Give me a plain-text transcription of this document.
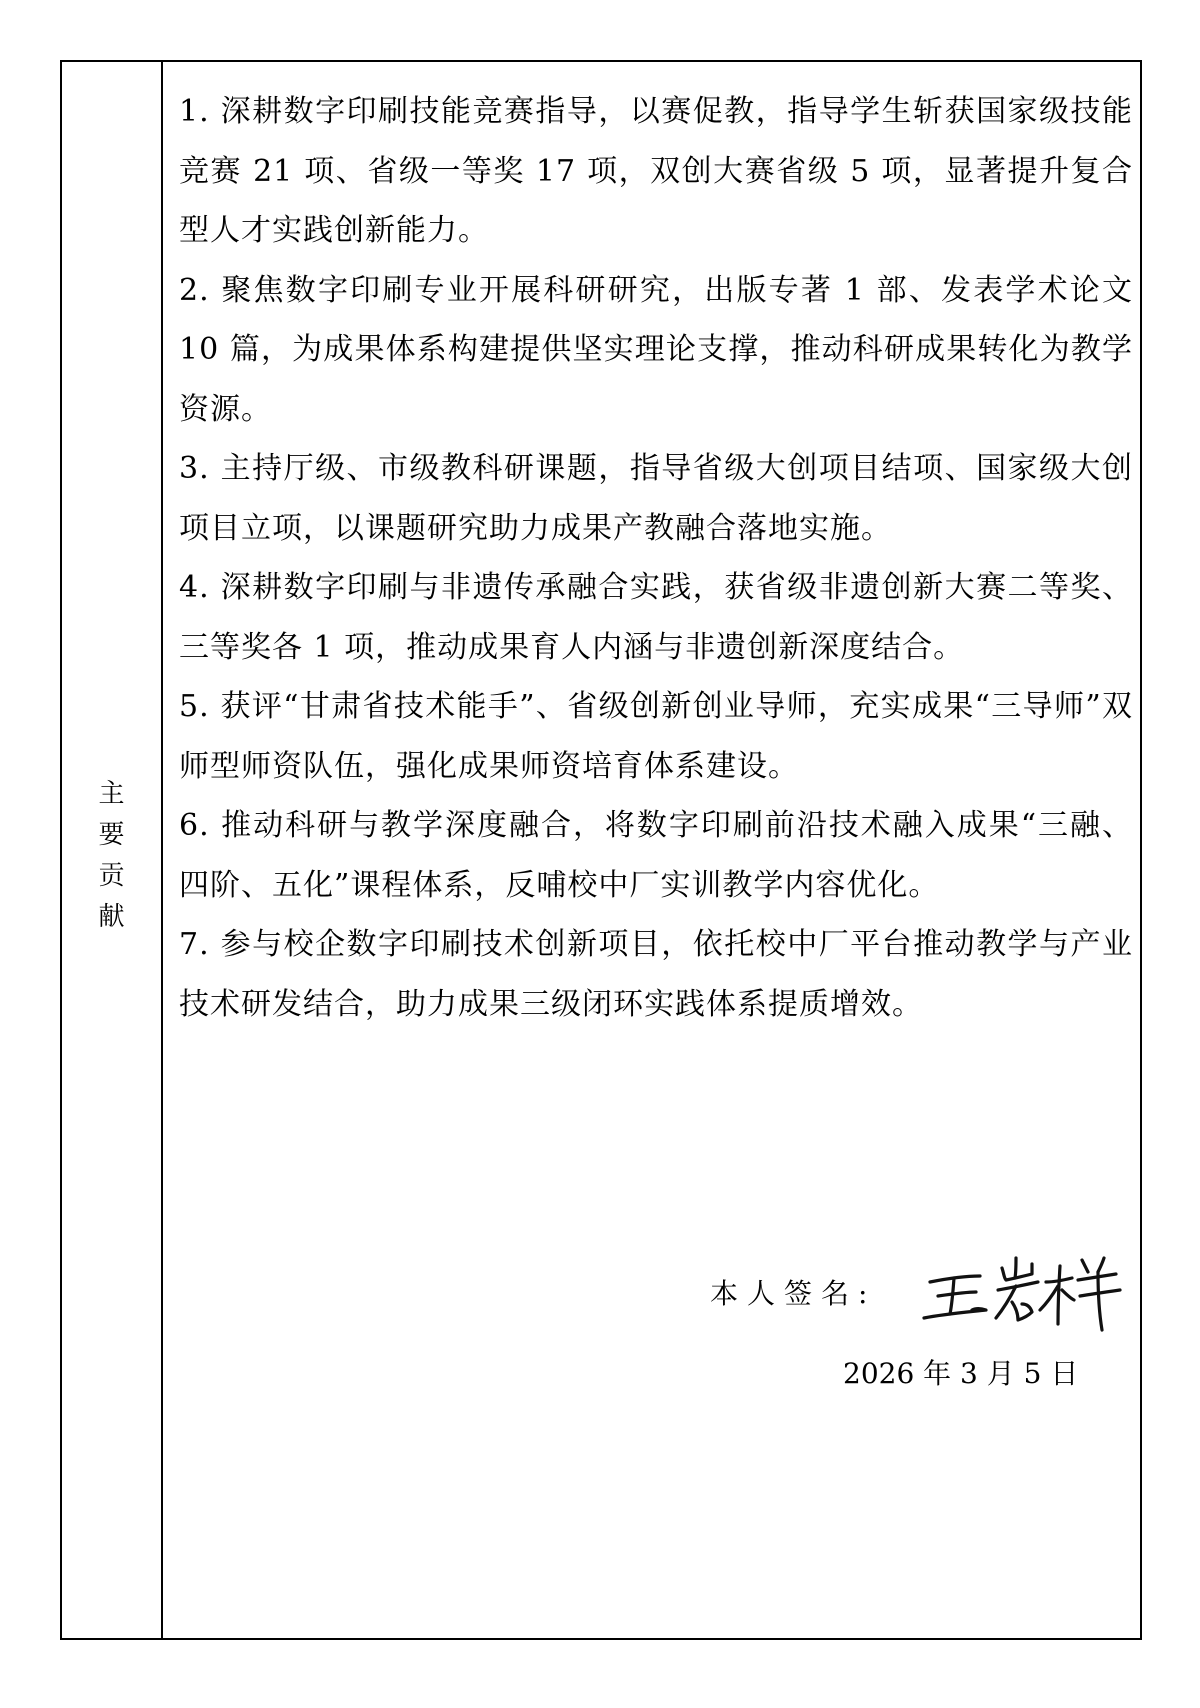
主
要
贡
献
1. 深耕数字印刷技能竞赛指导，以赛促教，指导学生斩获国家级技能竞赛 21 项、省级一等奖 17 项，双创大赛省级 5 项，显著提升复合型人才实践创新能力。
2. 聚焦数字印刷专业开展科研研究，出版专著 1 部、发表学术论文 10 篇，为成果体系构建提供坚实理论支撑，推动科研成果转化为教学资源。
3. 主持厅级、市级教科研课题，指导省级大创项目结项、国家级大创项目立项，以课题研究助力成果产教融合落地实施。
4. 深耕数字印刷与非遗传承融合实践，获省级非遗创新大赛二等奖、三等奖各 1 项，推动成果育人内涵与非遗创新深度结合。
5. 获评“甘肃省技术能手”、省级创新创业导师，充实成果“三导师”双师型师资队伍，强化成果师资培育体系建设。
6. 推动科研与教学深度融合，将数字印刷前沿技术融入成果“三融、四阶、五化”课程体系，反哺校中厂实训教学内容优化。
7. 参与校企数字印刷技术创新项目，依托校中厂平台推动教学与产业技术研发结合，助力成果三级闭环实践体系提质增效。
本人签名:
2026 年 3 月 5 日
